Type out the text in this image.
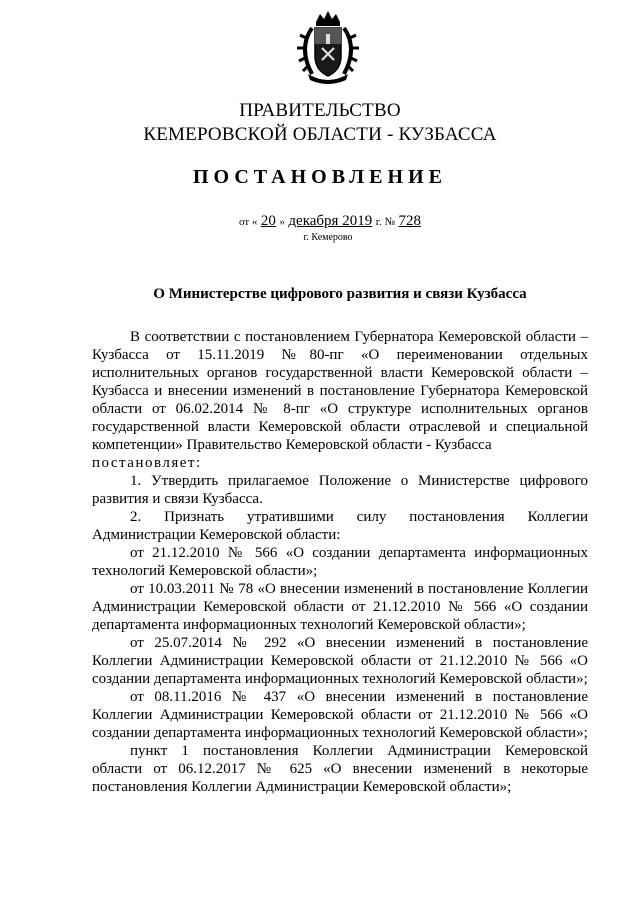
ПРАВИТЕЛЬСТВО
КЕМЕРОВСКОЙ ОБЛАСТИ - КУЗБАССА
ПОСТАНОВЛЕНИЕ
от « 20 » декабря 2019 г. № 728
г. Кемерово
О Министерстве цифрового развития и связи Кузбасса

В соответствии с постановлением Губернатора Кемеровской области – Кузбасса от 15.11.2019 №80-пг «О переименовании отдельных исполнительных органов государственной власти Кемеровской области – Кузбасса и внесении изменений в постановление Губернатора Кемеровской области от 06.02.2014 № 8-пг «О структуре исполнительных органов государственной власти Кемеровской области отраслевой и специальной компетенции» Правительство Кемеровской области - Кузбасса

постановляет:

1. Утвердить прилагаемое Положение о Министерстве цифрового развития и связи Кузбасса.

2. Признать утратившими силу постановления Коллегии Администрации Кемеровской области:

от 21.12.2010 № 566 «О создании департамента информационных технологий Кемеровской области»;

от 10.03.2011 № 78 «О внесении изменений в постановление Коллегии Администрации Кемеровской области от 21.12.2010 № 566 «О создании департамента информационных технологий Кемеровской области»;

от 25.07.2014 № 292 «О внесении изменений в постановление Коллегии Администрации Кемеровской области от 21.12.2010 № 566 «О создании департамента информационных технологий Кемеровской области»;

от 08.11.2016 № 437 «О внесении изменений в постановление Коллегии Администрации Кемеровской области от 21.12.2010 № 566 «О создании департамента информационных технологий Кемеровской области»;

пункт 1 постановления Коллегии Администрации Кемеровской области от 06.12.2017 № 625 «О внесении изменений в некоторые постановления Коллегии Администрации Кемеровской области»;
